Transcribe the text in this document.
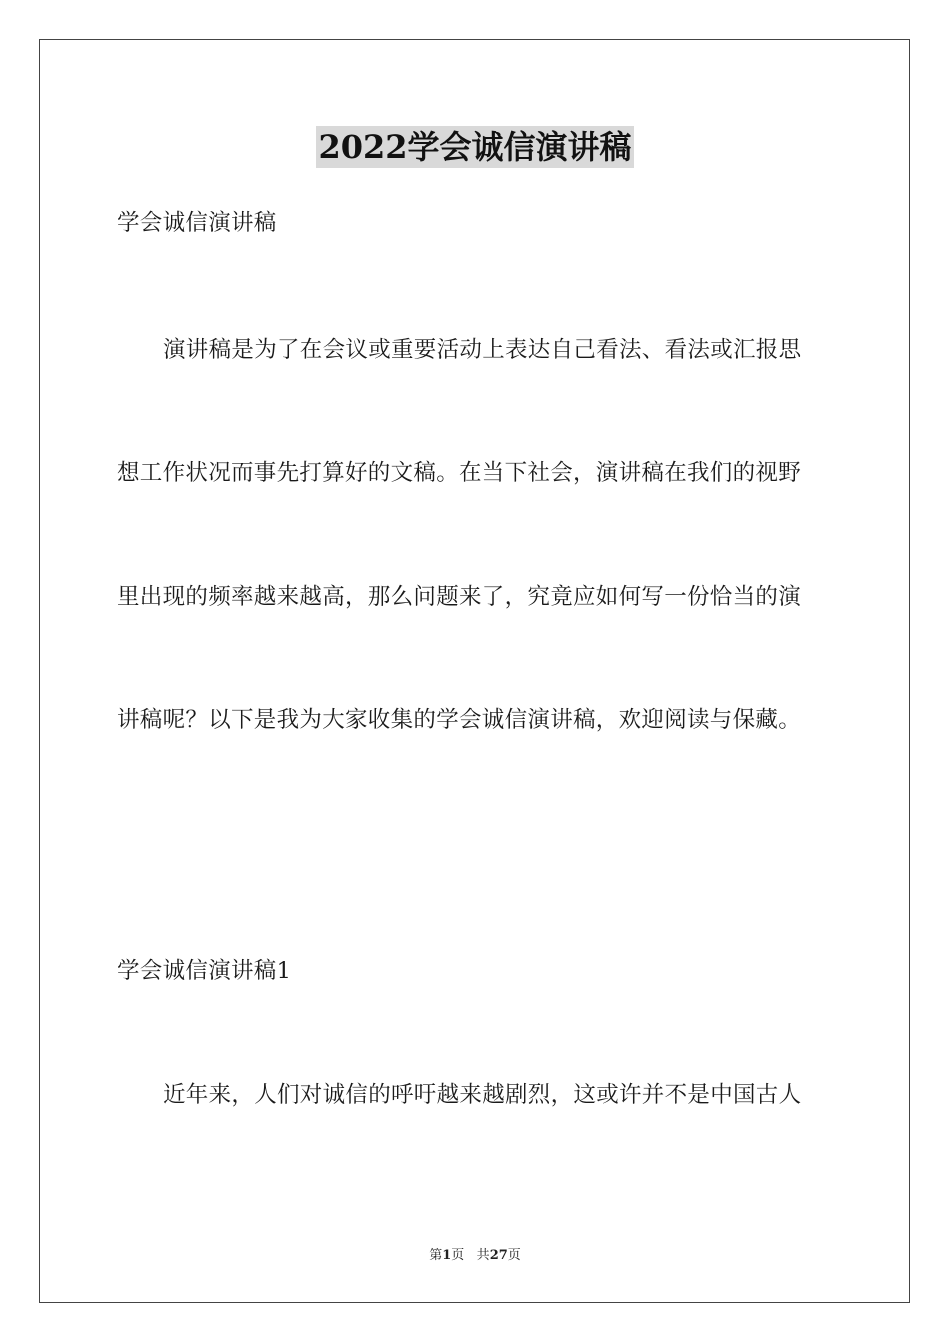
2022学会诚信演讲稿
学会诚信演讲稿
演讲稿是为了在会议或重要活动上表达自己看法、看法或汇报思
想工作状况而事先打算好的文稿。在当下社会，演讲稿在我们的视野
里出现的频率越来越高，那么问题来了，究竟应如何写一份恰当的演
讲稿呢？以下是我为大家收集的学会诚信演讲稿，欢迎阅读与保藏。
学会诚信演讲稿1
近年来，人们对诚信的呼吁越来越剧烈，这或许并不是中国古人
第1页 共27页
